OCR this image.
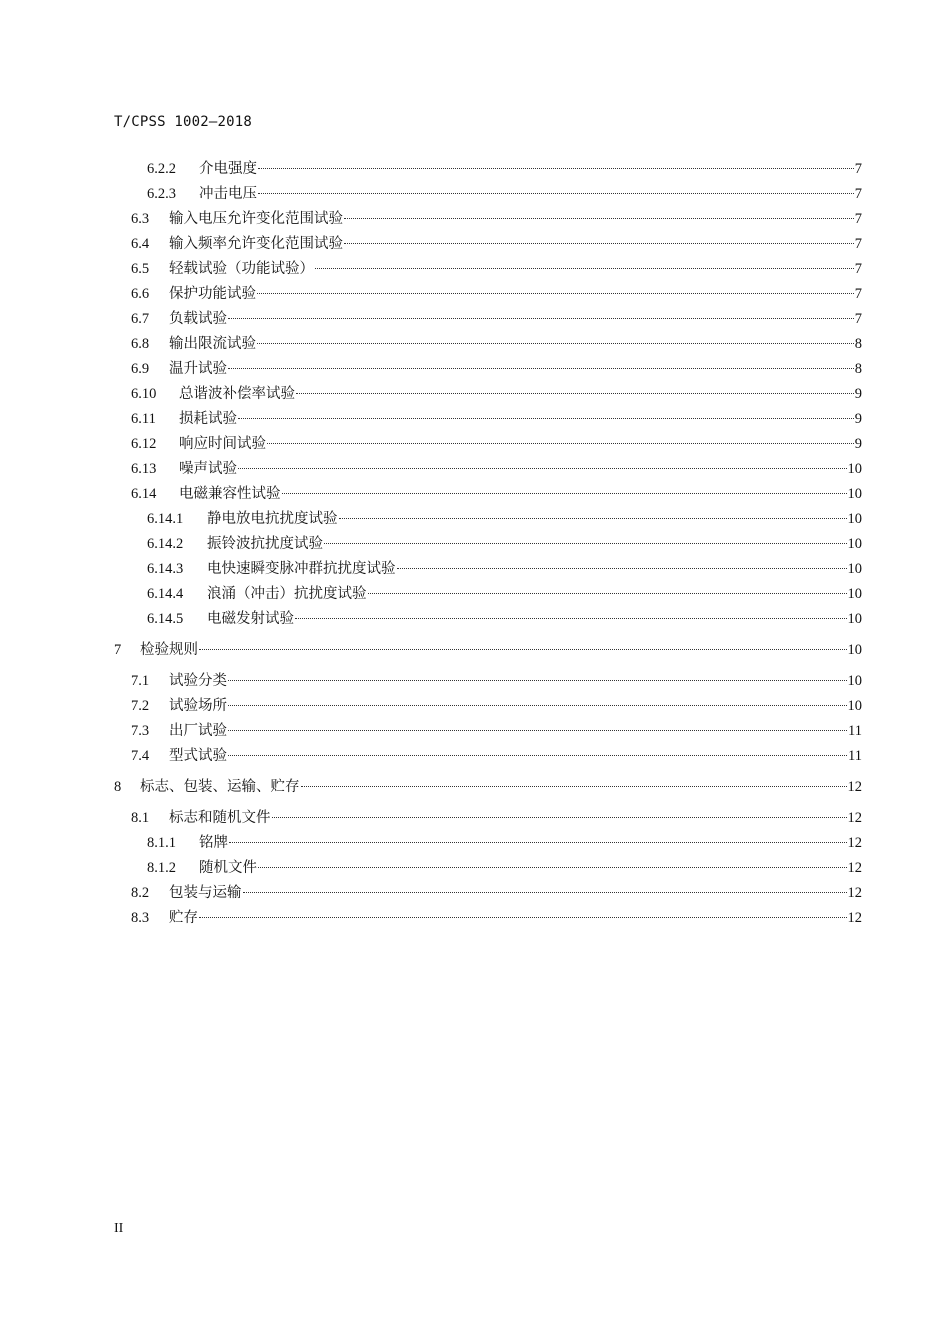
T/CPSS 1002—2018
6.2.2	介电强度	7
6.2.3	冲击电压	7
6.3	输入电压允许变化范围试验	7
6.4	输入频率允许变化范围试验	7
6.5	轻载试验（功能试验）	7
6.6	保护功能试验	7
6.7	负载试验	7
6.8	输出限流试验	8
6.9	温升试验	8
6.10	总谐波补偿率试验	9
6.11	损耗试验	9
6.12	响应时间试验	9
6.13	噪声试验	10
6.14	电磁兼容性试验	10
6.14.1	静电放电抗扰度试验	10
6.14.2	振铃波抗扰度试验	10
6.14.3	电快速瞬变脉冲群抗扰度试验	10
6.14.4	浪涌（冲击）抗扰度试验	10
6.14.5	电磁发射试验	10
7	检验规则	10
7.1	试验分类	10
7.2	试验场所	10
7.3	出厂试验	11
7.4	型式试验	11
8	标志、包装、运输、贮存	12
8.1	标志和随机文件	12
8.1.1	铭牌	12
8.1.2	随机文件	12
8.2	包装与运输	12
8.3	贮存	12
II
